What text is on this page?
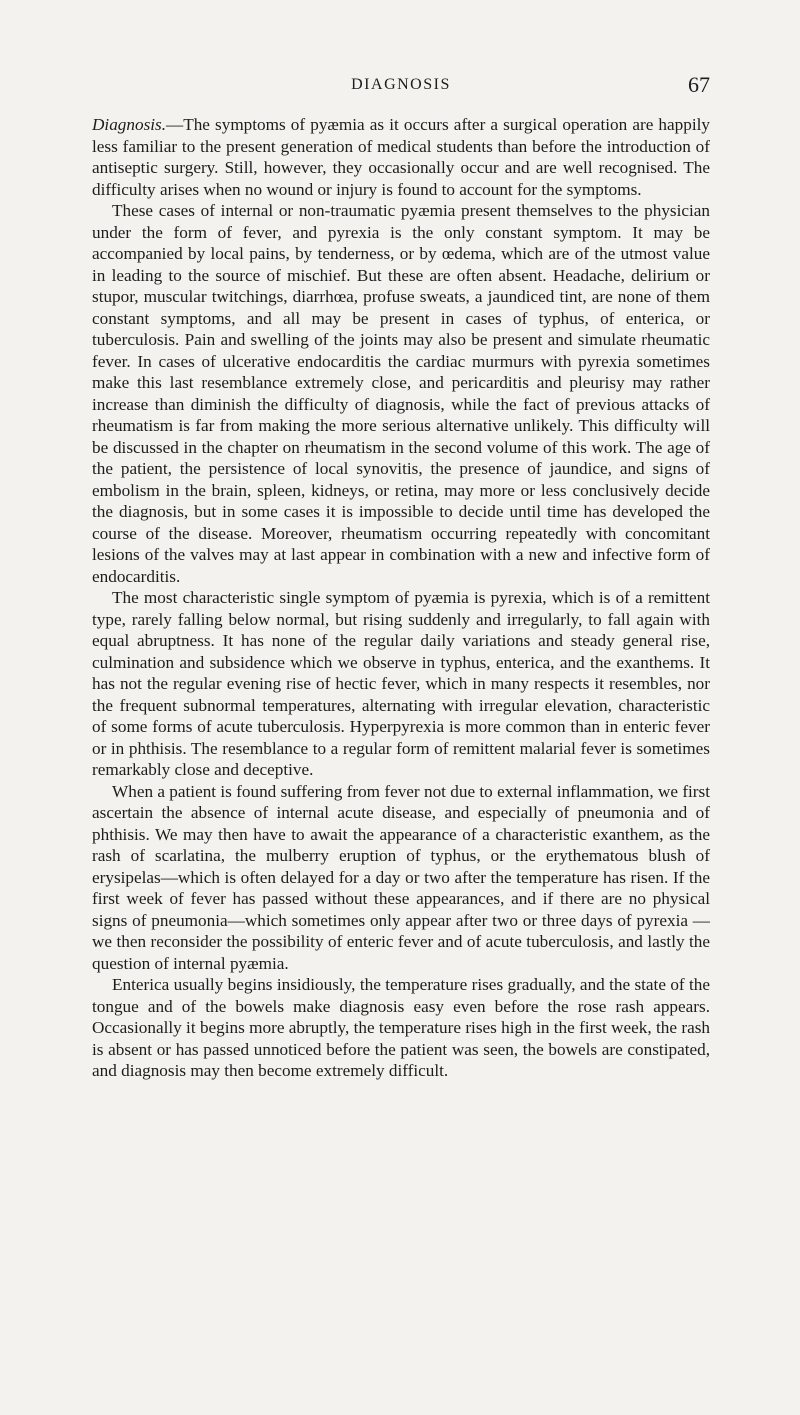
DIAGNOSIS	67

Diagnosis.—The symptoms of pyæmia as it occurs after a surgical operation are happily less familiar to the present generation of medical students than before the introduction of antiseptic surgery. Still, however, they occasionally occur and are well recognised. The difficulty arises when no wound or injury is found to account for the symptoms.

These cases of internal or non-traumatic pyæmia present themselves to the physician under the form of fever, and pyrexia is the only constant symptom. It may be accompanied by local pains, by tenderness, or by œdema, which are of the utmost value in leading to the source of mischief. But these are often absent. Headache, delirium or stupor, muscular twitchings, diarrhœa, profuse sweats, a jaundiced tint, are none of them constant symptoms, and all may be present in cases of typhus, of enterica, or tuberculosis. Pain and swelling of the joints may also be present and simulate rheumatic fever. In cases of ulcerative endocarditis the cardiac murmurs with pyrexia sometimes make this last resemblance extremely close, and pericarditis and pleurisy may rather increase than diminish the difficulty of diagnosis, while the fact of previous attacks of rheumatism is far from making the more serious alternative unlikely. This difficulty will be discussed in the chapter on rheumatism in the second volume of this work. The age of the patient, the persistence of local synovitis, the presence of jaundice, and signs of embolism in the brain, spleen, kidneys, or retina, may more or less conclusively decide the diagnosis, but in some cases it is impossible to decide until time has developed the course of the disease. Moreover, rheumatism occurring repeatedly with concomitant lesions of the valves may at last appear in combination with a new and infective form of endocarditis.

The most characteristic single symptom of pyæmia is pyrexia, which is of a remittent type, rarely falling below normal, but rising suddenly and irregularly, to fall again with equal abruptness. It has none of the regular daily variations and steady general rise, culmination and subsidence which we observe in typhus, enterica, and the exanthems. It has not the regular evening rise of hectic fever, which in many respects it resembles, nor the frequent subnormal temperatures, alternating with irregular elevation, characteristic of some forms of acute tuberculosis. Hyperpyrexia is more common than in enteric fever or in phthisis. The resemblance to a regular form of remittent malarial fever is sometimes remarkably close and deceptive.

When a patient is found suffering from fever not due to external inflammation, we first ascertain the absence of internal acute disease, and especially of pneumonia and of phthisis. We may then have to await the appearance of a characteristic exanthem, as the rash of scarlatina, the mulberry eruption of typhus, or the erythematous blush of erysipelas—which is often delayed for a day or two after the temperature has risen. If the first week of fever has passed without these appearances, and if there are no physical signs of pneumonia—which sometimes only appear after two or three days of pyrexia —we then reconsider the possibility of enteric fever and of acute tuberculosis, and lastly the question of internal pyæmia.

Enterica usually begins insidiously, the temperature rises gradually, and the state of the tongue and of the bowels make diagnosis easy even before the rose rash appears. Occasionally it begins more abruptly, the temperature rises high in the first week, the rash is absent or has passed unnoticed before the patient was seen, the bowels are constipated, and diagnosis may then become extremely difficult.
